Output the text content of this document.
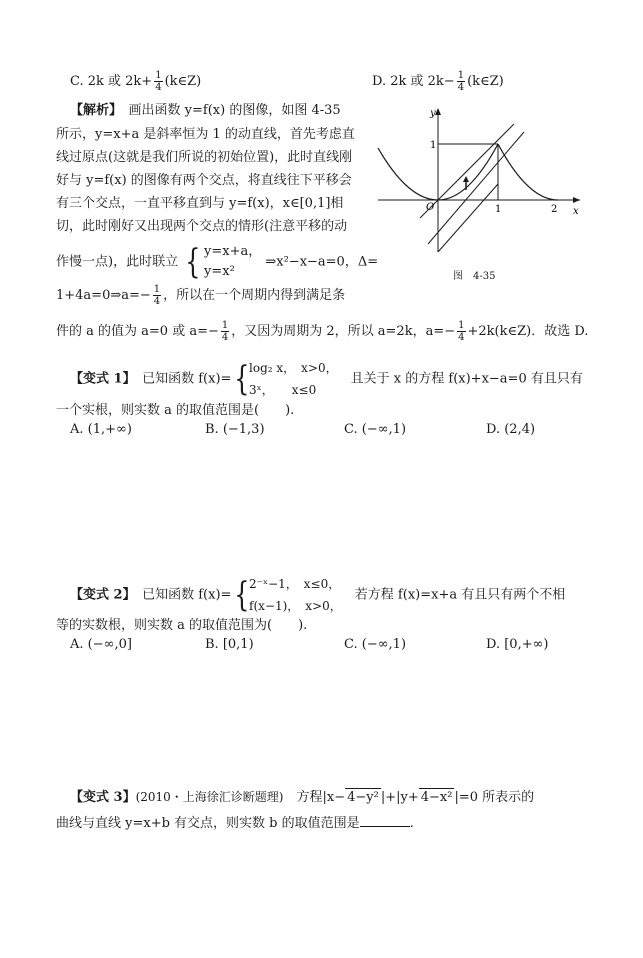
C. 2k 或 $2k+ \frac{1}{4}$ (k∈Z)	D. 2k 或 $2k- \frac{1}{4}$ (k∈Z)
【解析】　 画出函数 y=f(x) 的图像，如图 4-35
所示，y=x+a 是斜率恒为 1 的动直线，首先考虑直
线过原点(这就是我们所说的初始位置)，此时直线刚
好与 y=f(x) 的图像有两个交点，将直线往下平移会
有三个交点，一直平移直到与 y=f(x)，x∈[0,1]相
切，此时刚好又出现两个交点的情形(注意平移的动
作慢一点)，此时联立 { y=x+a，
y=x²
⇒x²−x−a=0，Δ=
1+4a=0⇒a=− $\frac{1}{4}$ ，所以在一个周期内得到满足条
件的 a 的值为 a=0 或 $a=- \frac{1}{4}$ ，又因为周期为 2，所以 a=2k，$a=- \frac{1}{4}$ +2k(k∈Z)．故选 D.
y
x
O	1	2
1
图　4-35
【变式 1】　 已知函数 f(x)={ log₂ x，　x>0，
3ˣ，　　x≤0
　且关于 x 的方程 f(x)+x−a=0 有且只有
一个实根，则实数 a 的取值范围是(　　).
A. (1,+∞)	B. (−1,3)	C. (−∞,1)	D. (2,4)
【变式 2】　 已知函数 f(x)={ 2⁻ˣ−1，　x≤0，
f(x−1)，　x>0，
　若方程 f(x)=x+a 有且只有两个不相
等的实数根，则实数 a 的取值范围为(　　).
A. (−∞,0]	B. [0,1)	C. (−∞,1)	D. [0,+∞)
【变式 3】(2010・上海徐汇诊断题理)　 方程|x− 4−y² |+|y+ 4−x² |=0 所表示的
曲线与直线 y=x+b 有交点，则实数 b 的取值范围是	.
